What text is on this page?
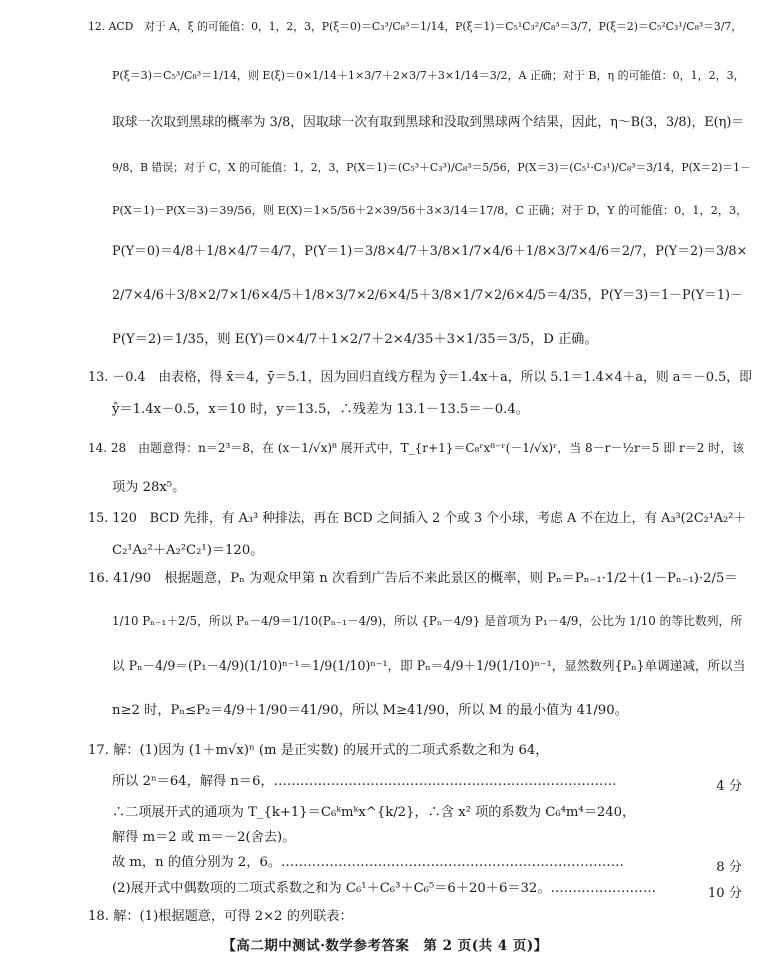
12. ACD　对于 A，ξ 的可能值：0，1，2，3，P(ξ＝0)＝C₃³/C₈³＝1/14，P(ξ＝1)＝C₅¹C₃²/C₈³＝3/7，P(ξ＝2)＝C₅²C₃¹/C₈³＝3/7，
P(ξ＝3)＝C₅³/C₈³＝1/14，则 E(ξ)＝0×1/14＋1×3/7＋2×3/7＋3×1/14＝3/2，A 正确；对于 B，η 的可能值：0，1，2，3，
取球一次取到黑球的概率为 3/8，因取球一次有取到黑球和没取到黑球两个结果，因此，η～B(3，3/8)，E(η)＝
9/8，B 错误；对于 C，X 的可能值：1，2，3，P(X＝1)＝(C₅³＋C₃³)/C₈³＝5/56，P(X＝3)＝(C₅¹·C₃¹)/C₈³＝3/14，P(X＝2)＝1－
P(X＝1)－P(X＝3)＝39/56，则 E(X)＝1×5/56＋2×39/56＋3×3/14＝17/8，C 正确；对于 D，Y 的可能值：0，1，2，3，
P(Y＝0)＝4/8＋1/8×4/7＝4/7，P(Y＝1)＝3/8×4/7＋3/8×1/7×4/6＋1/8×3/7×4/6＝2/7，P(Y＝2)＝3/8×
2/7×4/6＋3/8×2/7×1/6×4/5＋1/8×3/7×2/6×4/5＋3/8×1/7×2/6×4/5＝4/35，P(Y＝3)＝1－P(Y＝1)－
P(Y＝2)＝1/35，则 E(Y)＝0×4/7＋1×2/7＋2×4/35＋3×1/35＝3/5，D 正确。
13. －0.4　由表格，得 x̄＝4，ȳ＝5.1，因为回归直线方程为 ŷ＝1.4x＋a，所以 5.1＝1.4×4＋a，则 a＝－0.5，即
ŷ＝1.4x－0.5，x＝10 时，y＝13.5，∴残差为 13.1－13.5＝－0.4。
14. 28　由题意得：n＝2³＝8，在 (x－1/√x)⁸ 展开式中，T_{r+1}＝C₈ʳx⁸⁻ʳ(－1/√x)ʳ，当 8－r－½r＝5 即 r＝2 时，该
项为 28x⁵。
15. 120　BCD 先排，有 A₃³ 种排法，再在 BCD 之间插入 2 个或 3 个小球，考虑 A 不在边上，有 A₃³(2C₂¹A₂²＋
C₂¹A₂²＋A₂²C₂¹)＝120。
16. 41/90　根据题意，Pₙ 为观众甲第 n 次看到广告后不来此景区的概率，则 Pₙ＝Pₙ₋₁·1/2＋(1－Pₙ₋₁)·2/5＝
1/10 Pₙ₋₁＋2/5，所以 Pₙ－4/9＝1/10(Pₙ₋₁－4/9)，所以 {Pₙ－4/9} 是首项为 P₁－4/9，公比为 1/10 的等比数列，所
以 Pₙ－4/9＝(P₁－4/9)(1/10)ⁿ⁻¹＝1/9(1/10)ⁿ⁻¹，即 Pₙ＝4/9＋1/9(1/10)ⁿ⁻¹，显然数列{Pₙ}单调递减，所以当
n≥2 时，Pₙ≤P₂＝4/9＋1/90＝41/90，所以 M≥41/90，所以 M 的最小值为 41/90。
17. 解：(1)因为 (1＋m√x)ⁿ (m 是正实数) 的展开式的二项式系数之和为 64，
所以 2ⁿ＝64，解得 n＝6，……………………………………………………………………
∴二项展开式的通项为 T_{k+1}＝C₆ᵏmᵏx^{k/2}，∴含 x² 项的系数为 C₆⁴m⁴＝240，
解得 m＝2 或 m＝－2(舍去)。
故 m，n 的值分别为 2，6。……………………………………………………………………
(2)展开式中偶数项的二项式系数之和为 C₆¹＋C₆³＋C₆⁵＝6＋20＋6＝32。……………………
18. 解：(1)根据题意，可得 2×2 的列联表：
4 分
8 分
10 分
【高二期中测试·数学参考答案　第 2 页(共 4 页)】
